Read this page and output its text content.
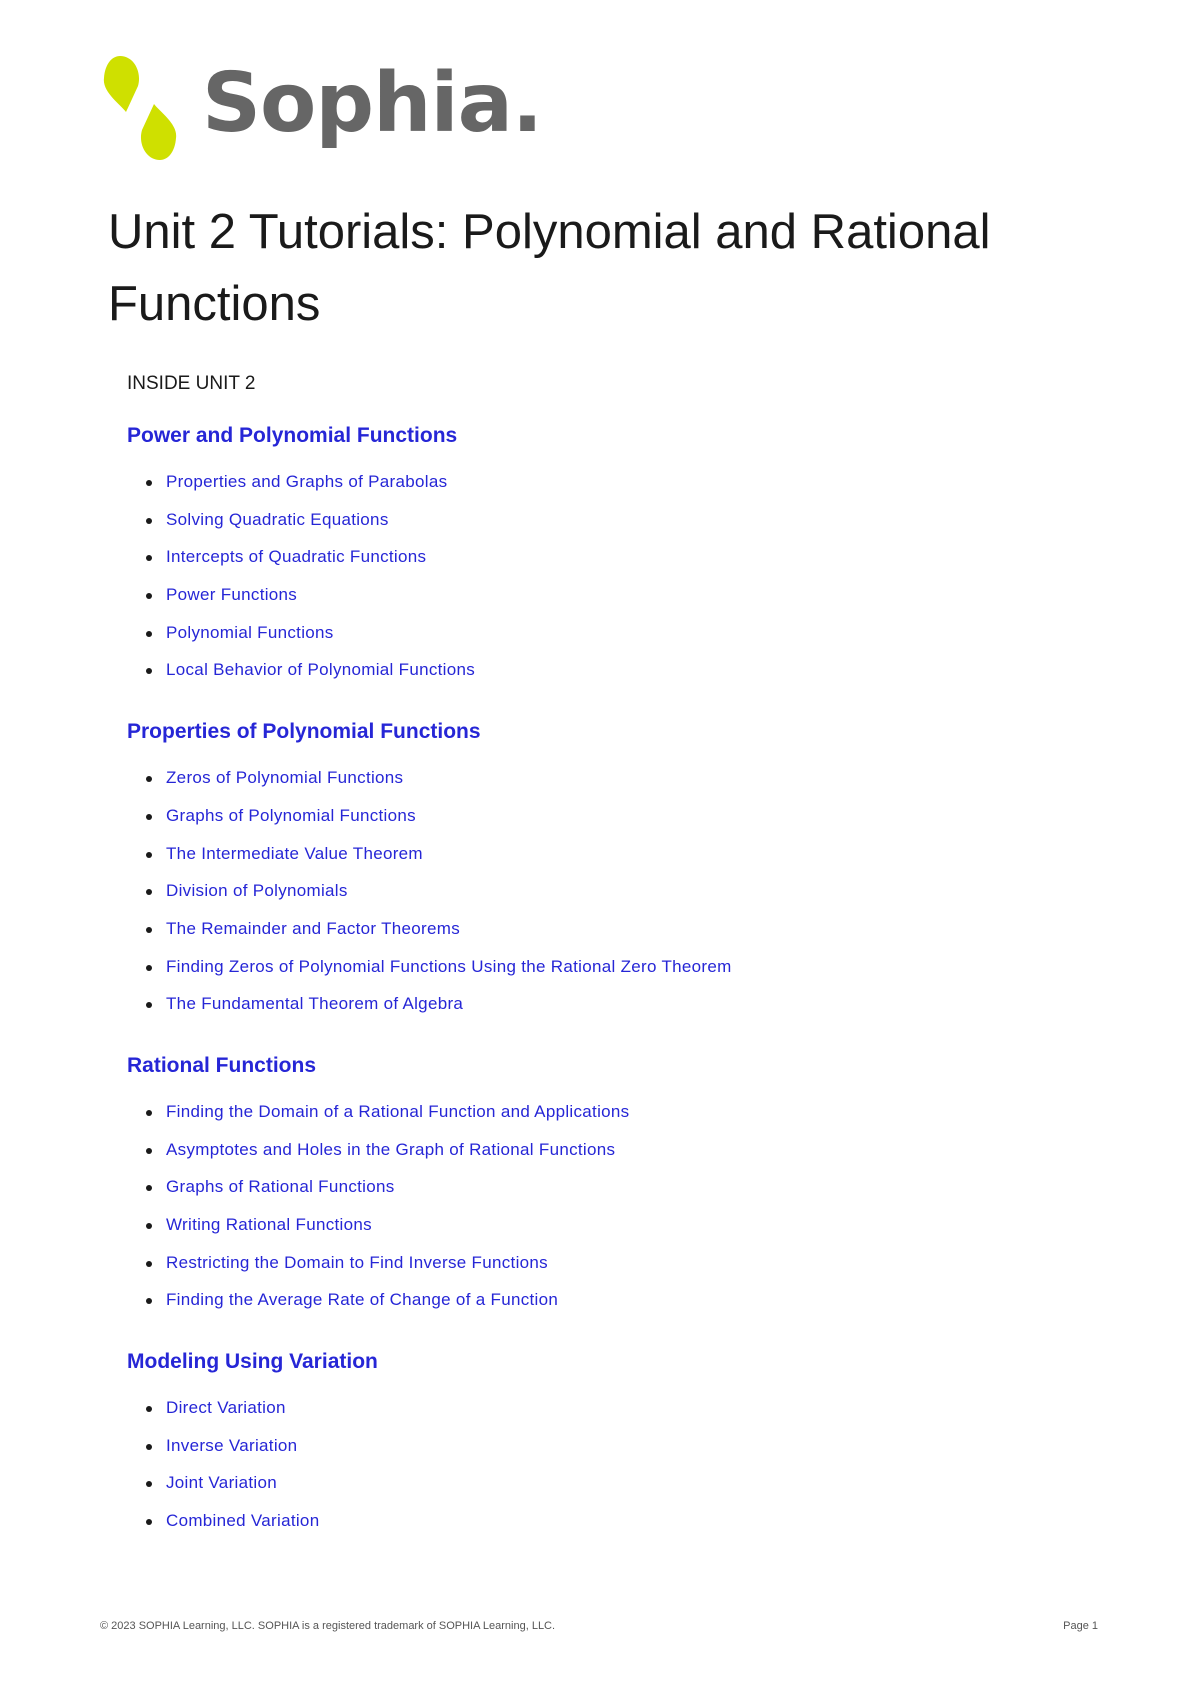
Sophia.
Unit 2 Tutorials: Polynomial and Rational Functions
INSIDE UNIT 2
Power and Polynomial Functions
Properties and Graphs of Parabolas
Solving Quadratic Equations
Intercepts of Quadratic Functions
Power Functions
Polynomial Functions
Local Behavior of Polynomial Functions
Properties of Polynomial Functions
Zeros of Polynomial Functions
Graphs of Polynomial Functions
The Intermediate Value Theorem
Division of Polynomials
The Remainder and Factor Theorems
Finding Zeros of Polynomial Functions Using the Rational Zero Theorem
The Fundamental Theorem of Algebra
Rational Functions
Finding the Domain of a Rational Function and Applications
Asymptotes and Holes in the Graph of Rational Functions
Graphs of Rational Functions
Writing Rational Functions
Restricting the Domain to Find Inverse Functions
Finding the Average Rate of Change of a Function
Modeling Using Variation
Direct Variation
Inverse Variation
Joint Variation
Combined Variation
© 2023 SOPHIA Learning, LLC. SOPHIA is a registered trademark of SOPHIA Learning, LLC.	Page 1
